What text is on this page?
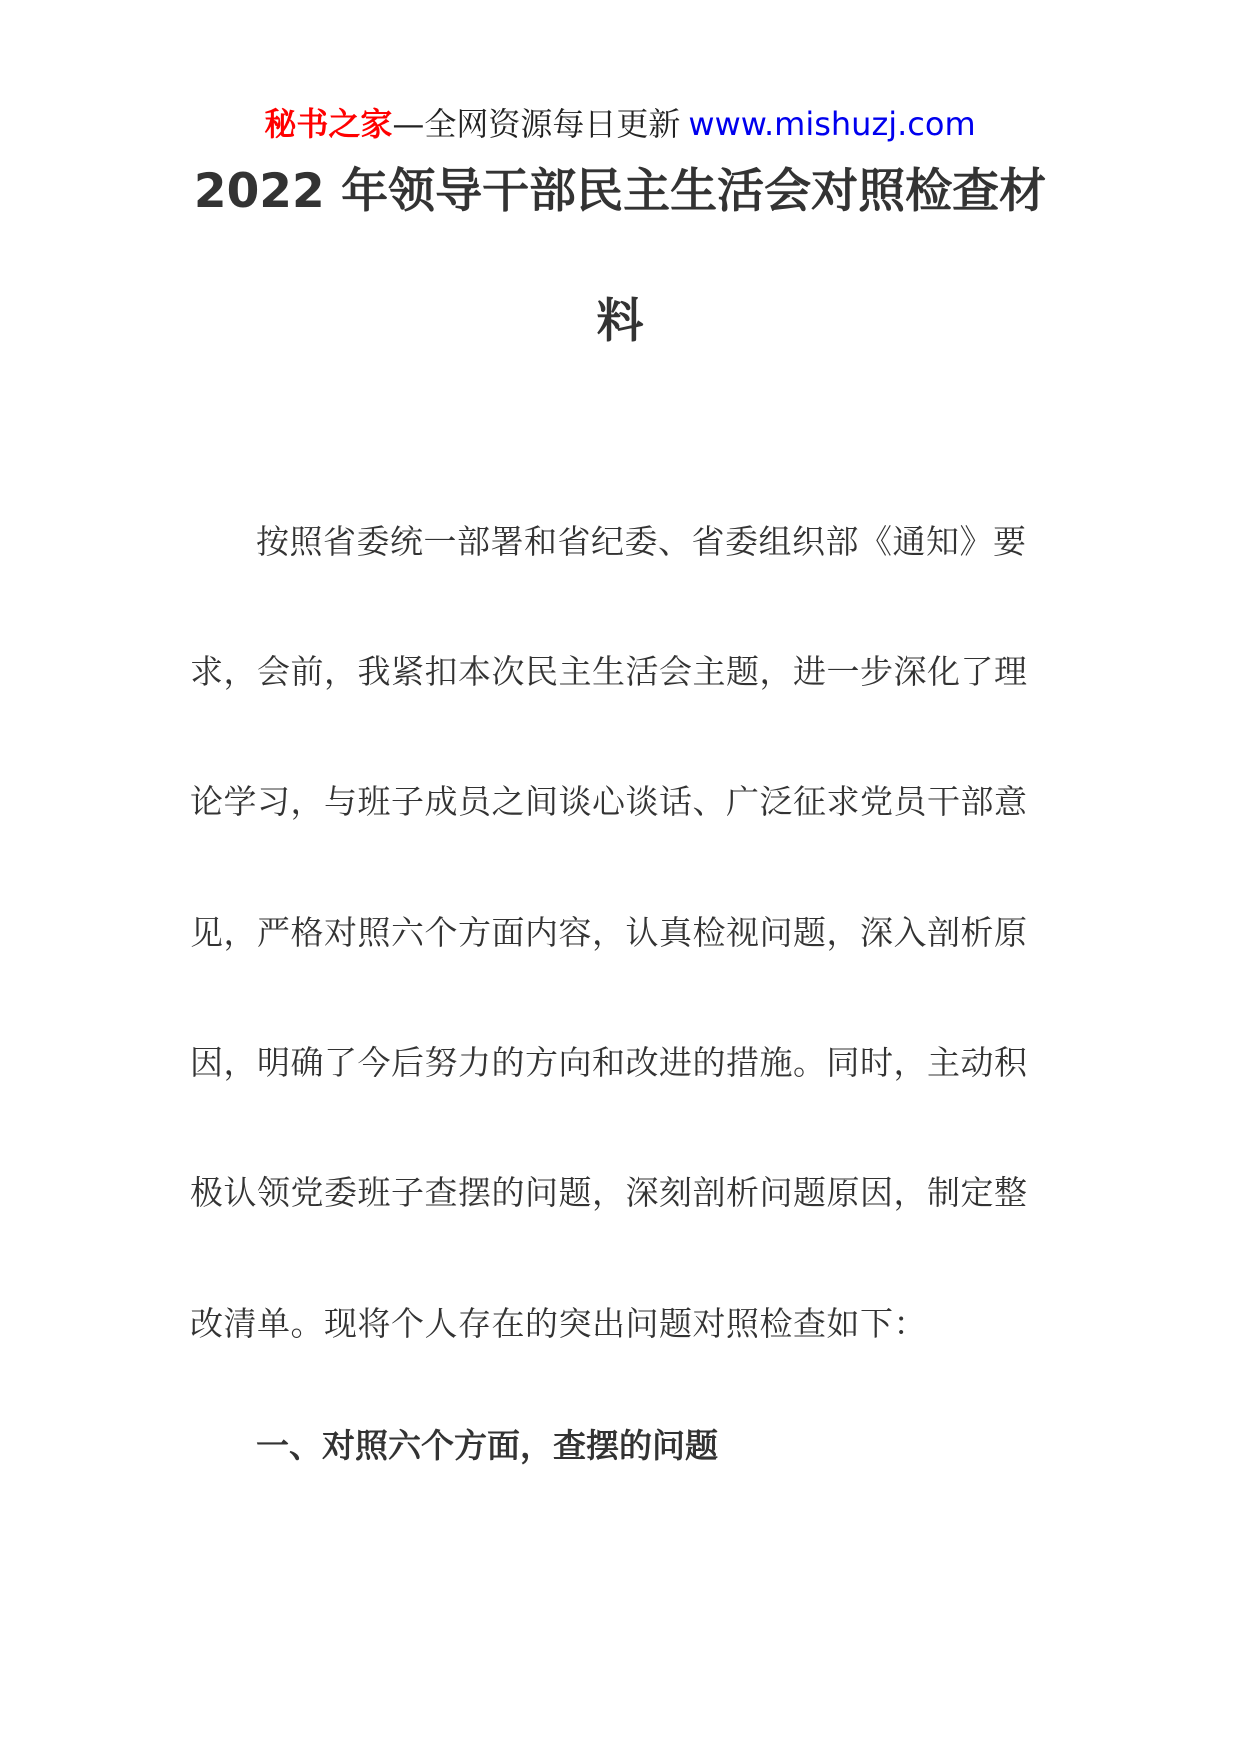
秘书之家—全网资源每日更新 www.mishuzj.com
2022 年领导干部民主生活会对照检查材
料
按照省委统一部署和省纪委、省委组织部《通知》要
求，会前，我紧扣本次民主生活会主题，进一步深化了理
论学习，与班子成员之间谈心谈话、广泛征求党员干部意
见，严格对照六个方面内容，认真检视问题，深入剖析原
因，明确了今后努力的方向和改进的措施。同时，主动积
极认领党委班子查摆的问题，深刻剖析问题原因，制定整
改清单。现将个人存在的突出问题对照检查如下：
一、对照六个方面，查摆的问题
